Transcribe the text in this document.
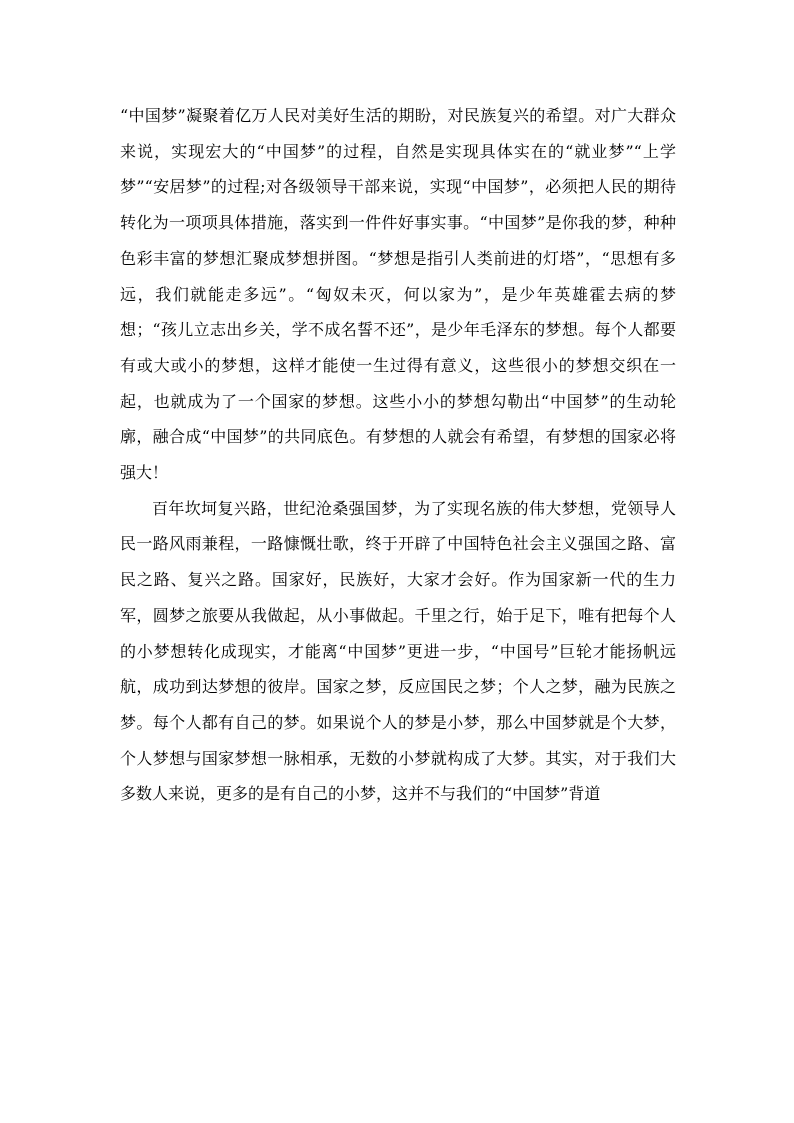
“中国梦”凝聚着亿万人民对美好生活的期盼，对民族复兴的希望。对广大群众来说，实现宏大的“中国梦”的过程，自然是实现具体实在的“就业梦”“上学梦”“安居梦”的过程;对各级领导干部来说，实现“中国梦”，必须把人民的期待转化为一项项具体措施，落实到一件件好事实事。“中国梦”是你我的梦，种种色彩丰富的梦想汇聚成梦想拼图。“梦想是指引人类前进的灯塔”，“思想有多远，我们就能走多远”。“匈奴未灭，何以家为”，是少年英雄霍去病的梦想；“孩儿立志出乡关，学不成名誓不还”，是少年毛泽东的梦想。每个人都要有或大或小的梦想，这样才能使一生过得有意义，这些很小的梦想交织在一起，也就成为了一个国家的梦想。这些小小的梦想勾勒出“中国梦”的生动轮廓，融合成“中国梦”的共同底色。有梦想的人就会有希望，有梦想的国家必将强大！

百年坎坷复兴路，世纪沧桑强国梦，为了实现名族的伟大梦想，党领导人民一路风雨兼程，一路慷慨壮歌，终于开辟了中国特色社会主义强国之路、富民之路、复兴之路。国家好，民族好，大家才会好。作为国家新一代的生力军，圆梦之旅要从我做起，从小事做起。千里之行，始于足下，唯有把每个人的小梦想转化成现实，才能离“中国梦”更进一步，“中国号”巨轮才能扬帆远航，成功到达梦想的彼岸。国家之梦，反应国民之梦；个人之梦，融为民族之梦。每个人都有自己的梦。如果说个人的梦是小梦，那么中国梦就是个大梦，个人梦想与国家梦想一脉相承，无数的小梦就构成了大梦。其实，对于我们大多数人来说，更多的是有自己的小梦，这并不与我们的“中国梦”背道
